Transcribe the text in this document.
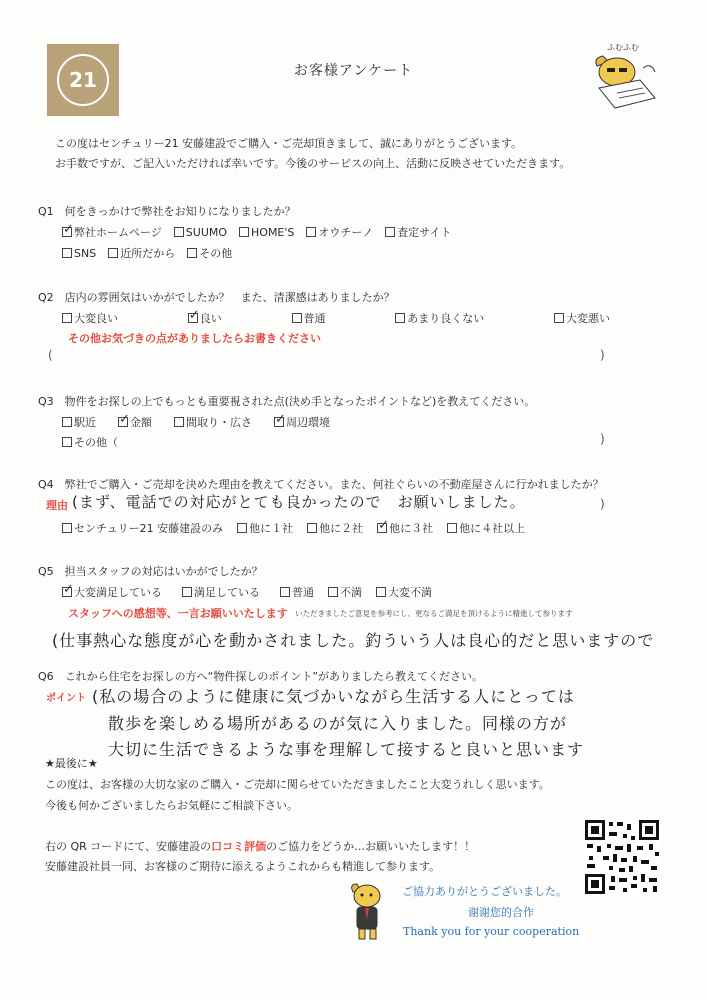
21	お客様アンケート
ふむふむ
この度はセンチュリー21 安藤建設でご購入・ご売却頂きまして、誠にありがとうございます。
お手数ですが、ご記入いただければ幸いです。今後のサービスの向上、活動に反映させていただきます。
Q1　何をきっかけで弊社をお知りになりましたか？
✓
弊社ホームページ SUUMO HOME'S オウチーノ 査定サイト
SNS 近所だから その他
Q2　店内の雰囲気はいかがでしたか？　また、清潔感はありましたか？
大変良い ✓	良い	普通	あまり良くない	大変悪い
その他お気づきの点がありましたらお書きください
(	)
Q3　物件をお探しの上でもっとも重要視された点(決め手となったポイントなど)を教えてください。
駅近 ✓	金額	間取り・広さ ✓	周辺環境
その他（	)
Q4　弊社でご購入・ご売却を決めた理由を教えてください。また、何社ぐらいの不動産屋さんに行かれましたか？
理由 (まず、電話での対応がとても良かったので　お願いしました。	)
センチュリー21 安藤建設のみ 他に１社 他に２社 ✓ 他に３社 他に４社以上
Q5　担当スタッフの対応はいかがでしたか？
✓
大変満足している	満足している	普通 不満 大変不満
スタッフへの感想等、一言お願いいたします いただきましたご意見を参考にし、更なるご満足を頂けるように精進して参ります
(仕事熱心な態度が心を動かされました。釣ういう人は良心的だと思いますので
Q6　これから住宅をお探しの方へ“物件探しのポイント”がありましたら教えてください。
ポイント (私の場合のように健康に気づかいながら生活する人にとっては
散歩を楽しめる場所があるのが気に入りました。同様の方が
大切に生活できるような事を理解して接すると良いと思います
★最後に★
この度は、お客様の大切な家のご購入・ご売却に関らせていただきましたこと大変うれしく思います。
今後も何かございましたらお気軽にご相談下さい。
右の QR コードにて、安藤建設の口コミ評価のご協力をどうか…お願いいたします！！
安藤建設社員一同、お客様のご期待に添えるようこれからも精進して参ります。
ご協力ありがとうございました。
谢谢您的合作
Thank you for your cooperation
